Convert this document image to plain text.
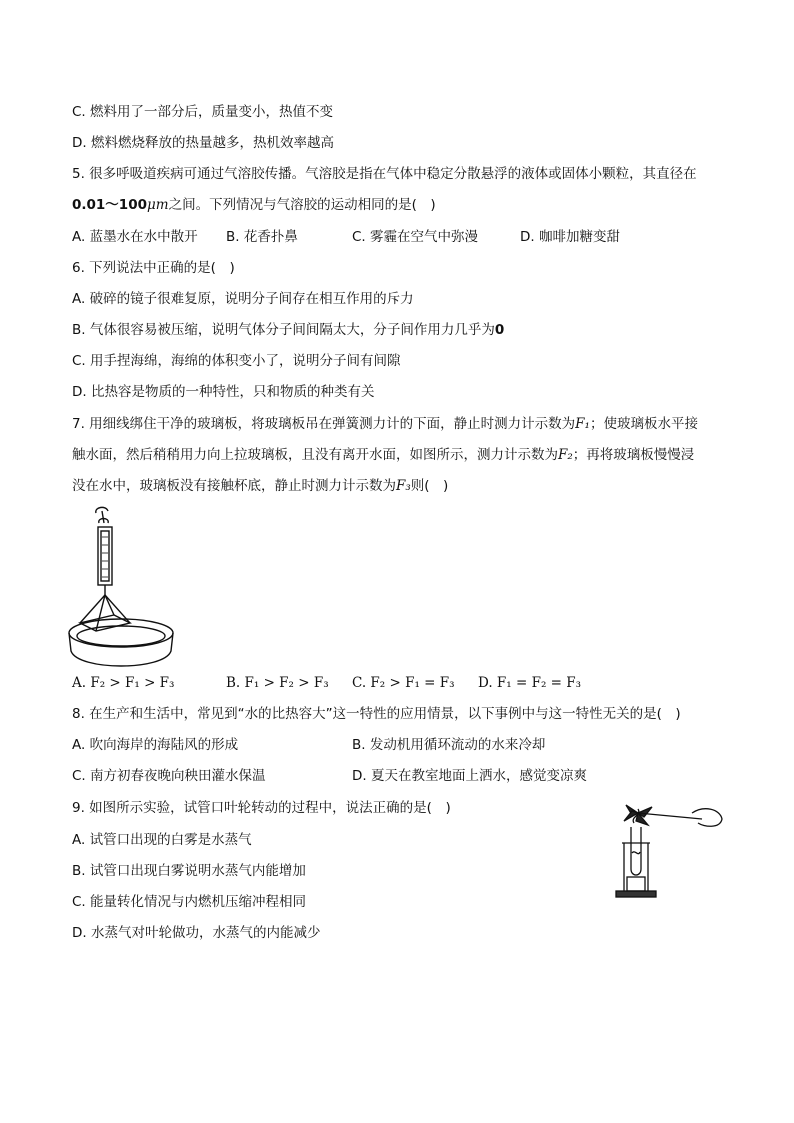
C. 燃料用了一部分后，质量变小，热值不变
D. 燃料燃烧释放的热量越多，热机效率越高
5. 很多呼吸道疾病可通过气溶胶传播。气溶胶是指在气体中稳定分散悬浮的液体或固体小颗粒，其直径在
0.01～100μm之间。下列情况与气溶胶的运动相同的是(　)
A. 蓝墨水在水中散开 B. 花香扑鼻	C. 雾霾在空气中弥漫	D. 咖啡加糖变甜
6. 下列说法中正确的是(　)
A. 破碎的镜子很难复原，说明分子间存在相互作用的斥力
B. 气体很容易被压缩，说明气体分子间间隔太大，分子间作用力几乎为0
C. 用手捏海绵，海绵的体积变小了，说明分子间有间隙
D. 比热容是物质的一种特性，只和物质的种类有关
7. 用细线绑住干净的玻璃板，将玻璃板吊在弹簧测力计的下面，静止时测力计示数为F₁；使玻璃板水平接
触水面，然后稍稍用力向上拉玻璃板，且没有离开水面，如图所示，测力计示数为F₂；再将玻璃板慢慢浸
没在水中，玻璃板没有接触杯底，静止时测力计示数为F₃则(　)
A. F₂ > F₁ > F₃	B. F₁ > F₂ > F₃ C. F₂ > F₁ = F₃ D. F₁ = F₂ = F₃
8. 在生产和生活中，常见到“水的比热容大”这一特性的应用情景，以下事例中与这一特性无关的是(　)
A. 吹向海岸的海陆风的形成	B. 发动机用循环流动的水来冷却
C. 南方初春夜晚向秧田灌水保温	D. 夏天在教室地面上洒水，感觉变凉爽
9. 如图所示实验，试管口叶轮转动的过程中，说法正确的是(　)
A. 试管口出现的白雾是水蒸气
B. 试管口出现白雾说明水蒸气内能增加
C. 能量转化情况与内燃机压缩冲程相同
D. 水蒸气对叶轮做功，水蒸气的内能减少
